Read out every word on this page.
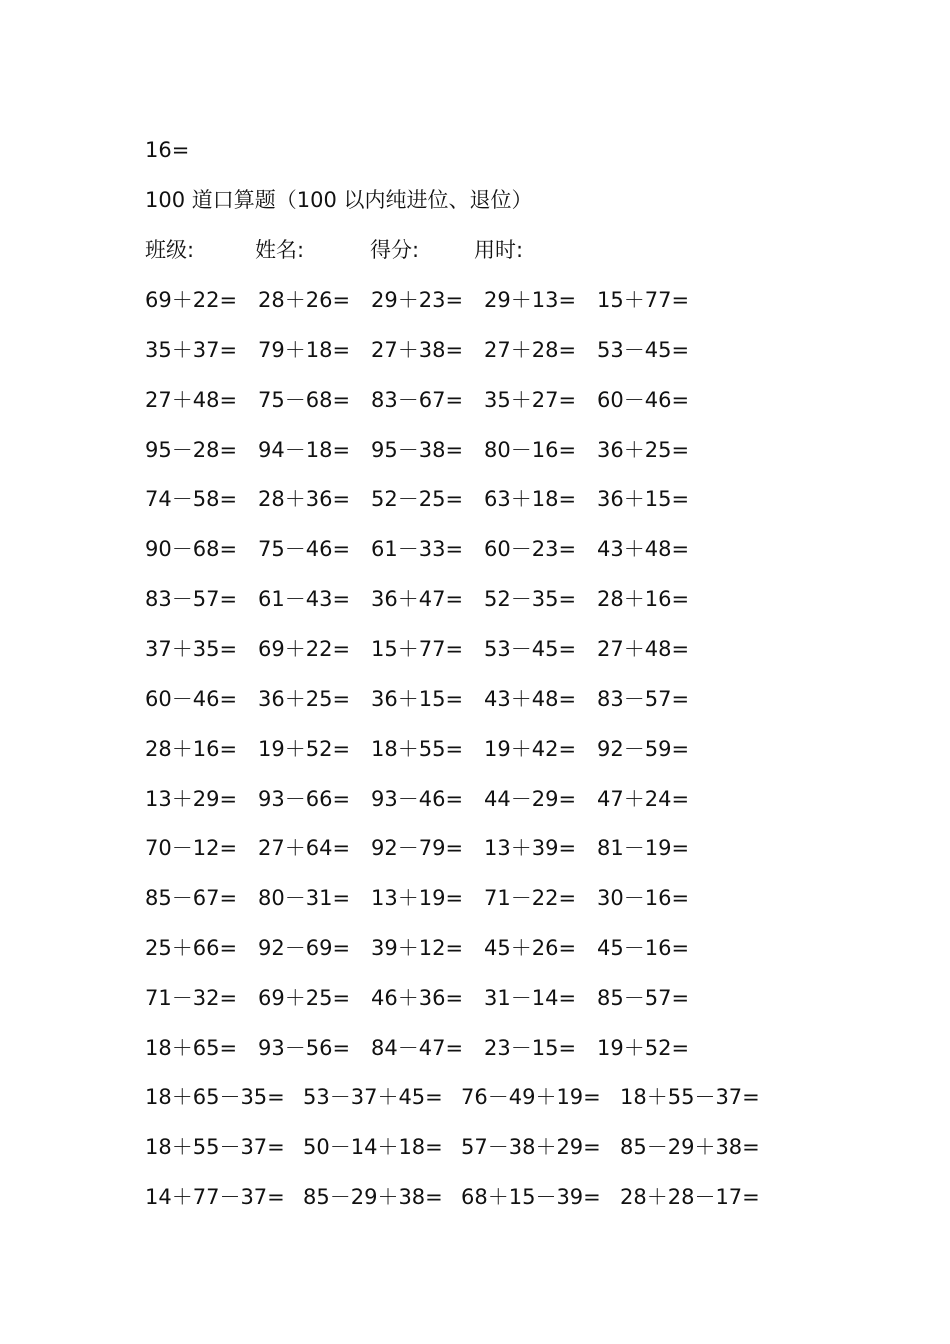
16=
100 道口算题（100 以内纯进位、退位）
班级:	姓名:	得分:	用时:
69＋22= 28＋26= 29＋23= 29＋13= 15＋77=
35＋37= 79＋18= 27＋38= 27＋28= 53－45=
27＋48= 75－68= 83－67= 35＋27= 60－46=
95－28= 94－18= 95－38= 80－16= 36＋25=
74－58= 28＋36= 52－25= 63＋18= 36＋15=
90－68= 75－46= 61－33= 60－23= 43＋48=
83－57= 61－43= 36＋47= 52－35= 28＋16=
37＋35= 69＋22= 15＋77= 53－45= 27＋48=
60－46= 36＋25= 36＋15= 43＋48= 83－57=
28＋16= 19＋52= 18＋55= 19＋42= 92－59=
13＋29= 93－66= 93－46= 44－29= 47＋24=
70－12= 27＋64= 92－79= 13＋39= 81－19=
85－67= 80－31= 13＋19= 71－22= 30－16=
25＋66= 92－69= 39＋12= 45＋26= 45－16=
71－32= 69＋25= 46＋36= 31－14= 85－57=
18＋65= 93－56= 84－47= 23－15= 19＋52=
18＋65－35= 53－37＋45= 76－49＋19= 18＋55－37=
18＋55－37= 50－14＋18= 57－38＋29= 85－29＋38=
14＋77－37= 85－29＋38= 68＋15－39= 28＋28－17=
